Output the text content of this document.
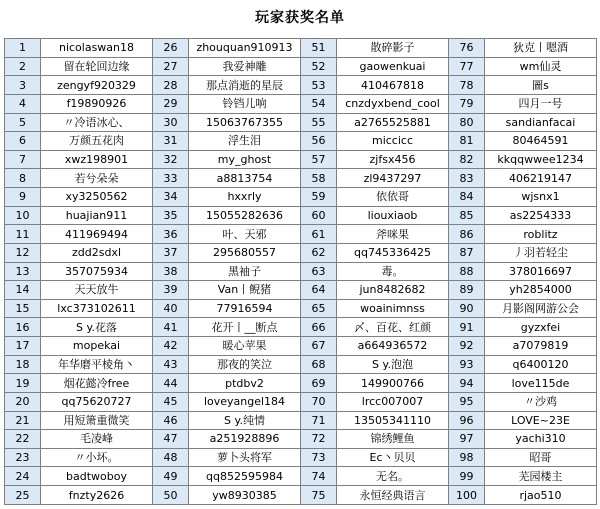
玩家获奖名单
1	nicolaswan18	26	zhouquan910913	51	散碎影子	76	狄克丨嗯酒
2	留在轮回边缘	27	我爱神雕	52	gaowenkuai	77	wm仙灵
3	zengyf920329	28	那点消逝的星辰	53	410467818	78	圖s
4	f19890926	29	铃铛儿响	54	cnzdyxbend_cool	79	四月一号
5	〃冷语冰心、	30	15063767355	55	a2765525881	80	sandianfacai
6	万颜五花肉	31	浮生泪	56	miccicc	81	80464591
7	xwz198901	32	my_ghost	57	zjfsx456	82	kkqqwwee1234
8	若兮朵朵	33	a8813754	58	zl9437297	83	406219147
9	xy3250562	34	hxxrly	59	依依哥	84	wjsnx1
10	huajian911	35	15055282636	60	liouxiaob	85	as2254333
11	411969494	36	叶、天邪	61	斧咪果	86	roblitz
12	zdd2sdxl	37	295680557	62	qq745336425	87	丿羽若轻尘
13	357075934	38	黑袖子	63	毒。	88	378016697
14	天天放牛	39	Van丨鲵猪	64	jun8482682	89	yh2854000
15	lxc373102611	40	77916594	65	woainimnss	90	月影阁网游公会
16	S y.花落	41	花开丨__断点	66	〆、百花、红颜	91	gyzxfei
17	mopekai	42	暖心苹果	67	a664936572	92	a7079819
18	年华磨平棱角丶	43	那夜的笑泣	68	S y.泡泡	93	q6400120
19	烟花懿冷free	44	ptdbv2	69	149900766	94	love115de
20	qq75620727	45	loveyangel184	70	lrcc007007	95	〃沙鸡
21	用短箫重微笑	46	S y.纯情	71	13505341110	96	LOVE~23E
22	毛凌峰	47	a251928896	72	锦绣鲤鱼	97	yachi310
23	〃小坏。	48	萝卜头将军	73	Ec丶贝贝	98	昭哥
24	badtwoboy	49	qq852595984	74	无名。	99	芜园楼主
25	fnzty2626	50	yw8930385	75	永恒经典语言	100	rjao510
